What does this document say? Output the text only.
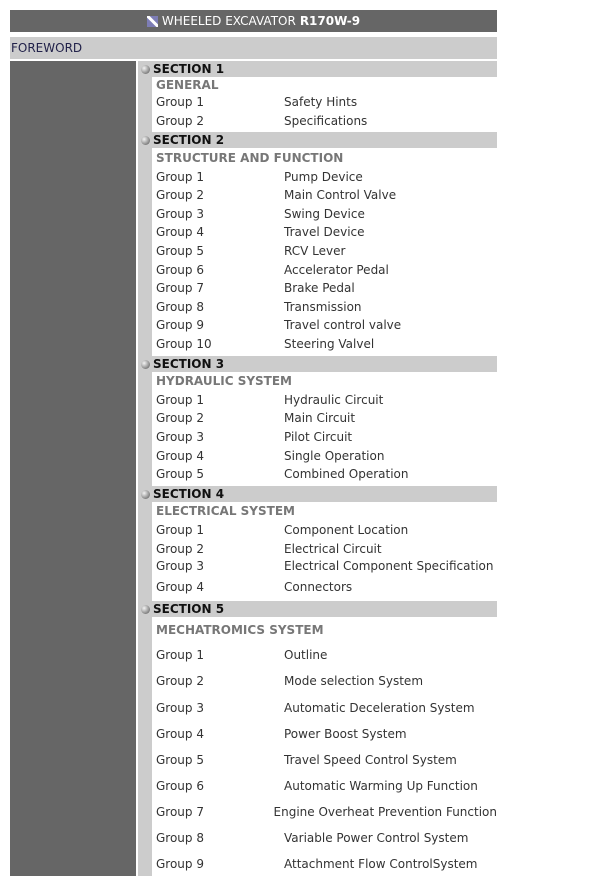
WHEELED EXCAVATOR R170W-9
FOREWORD
SECTION 1
GENERAL
Group 1	Safety Hints
Group 2	Specifications
SECTION 2
STRUCTURE AND FUNCTION
Group 1	Pump Device
Group 2	Main Control Valve
Group 3	Swing Device
Group 4	Travel Device
Group 5	RCV Lever
Group 6	Accelerator Pedal
Group 7	Brake Pedal
Group 8	Transmission
Group 9	Travel control valve
Group 10	Steering Valvel
SECTION 3
HYDRAULIC SYSTEM
Group 1	Hydraulic Circuit
Group 2	Main Circuit
Group 3	Pilot Circuit
Group 4	Single Operation
Group 5	Combined Operation
SECTION 4
ELECTRICAL SYSTEM
Group 1	Component Location
Group 2	Electrical Circuit
Group 3	Electrical Component Specification
Group 4	Connectors
SECTION 5
MECHATROMICS SYSTEM
Group 1	Outline
Group 2	Mode selection System
Group 3	Automatic Deceleration System
Group 4	Power Boost System
Group 5	Travel Speed Control System
Group 6	Automatic Warming Up Function
Group 7	Engine Overheat Prevention Function
Group 8	Variable Power Control System
Group 9	Attachment Flow ControlSystem
